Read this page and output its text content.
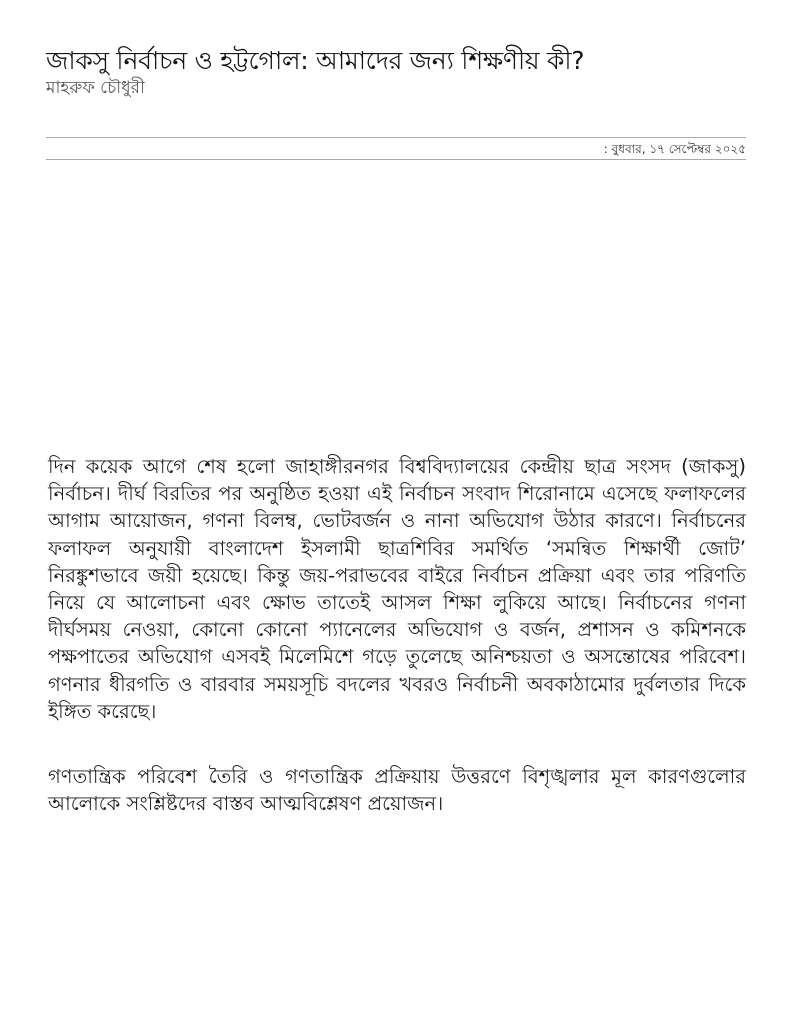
জাকসু নির্বাচন ও হট্টগোল: আমাদের জন্য শিক্ষণীয় কী?

মাহরুফ চৌধুরী

: বুধবার, ১৭ সেপ্টেম্বর ২০২৫

দিন কয়েক আগে শেষ হলো জাহাঙ্গীরনগর বিশ্ববিদ্যালয়ের কেন্দ্রীয় ছাত্র সংসদ (জাকসু) নির্বাচন। দীর্ঘ বিরতির পর অনুষ্ঠিত হওয়া এই নির্বাচন সংবাদ শিরোনামে এসেছে ফলাফলের আগাম আয়োজন, গণনা বিলম্ব, ভোটবর্জন ও নানা অভিযোগ উঠার কারণে। নির্বাচনের ফলাফল অনুযায়ী বাংলাদেশ ইসলামী ছাত্রশিবির সমর্থিত ‘সমন্বিত শিক্ষার্থী জোট’ নিরঙ্কুশভাবে জয়ী হয়েছে। কিন্তু জয়-পরাভবের বাইরে নির্বাচন প্রক্রিয়া এবং তার পরিণতি নিয়ে যে আলোচনা এবং ক্ষোভ তাতেই আসল শিক্ষা লুকিয়ে আছে। নির্বাচনের গণনা দীর্ঘসময় নেওয়া, কোনো কোনো প্যানেলের অভিযোগ ও বর্জন, প্রশাসন ও কমিশনকে পক্ষপাতের অভিযোগ এসবই মিলেমিশে গড়ে তুলেছে অনিশ্চয়তা ও অসন্তোষের পরিবেশ। গণনার ধীরগতি ও বারবার সময়সূচি বদলের খবরও নির্বাচনী অবকাঠামোর দুর্বলতার দিকে ইঙ্গিত করেছে।

গণতান্ত্রিক পরিবেশ তৈরি ও গণতান্ত্রিক প্রক্রিয়ায় উত্তরণে বিশৃঙ্খলার মূল কারণগুলোর আলোকে সংশ্লিষ্টদের বাস্তব আত্মবিশ্লেষণ প্রয়োজন।
